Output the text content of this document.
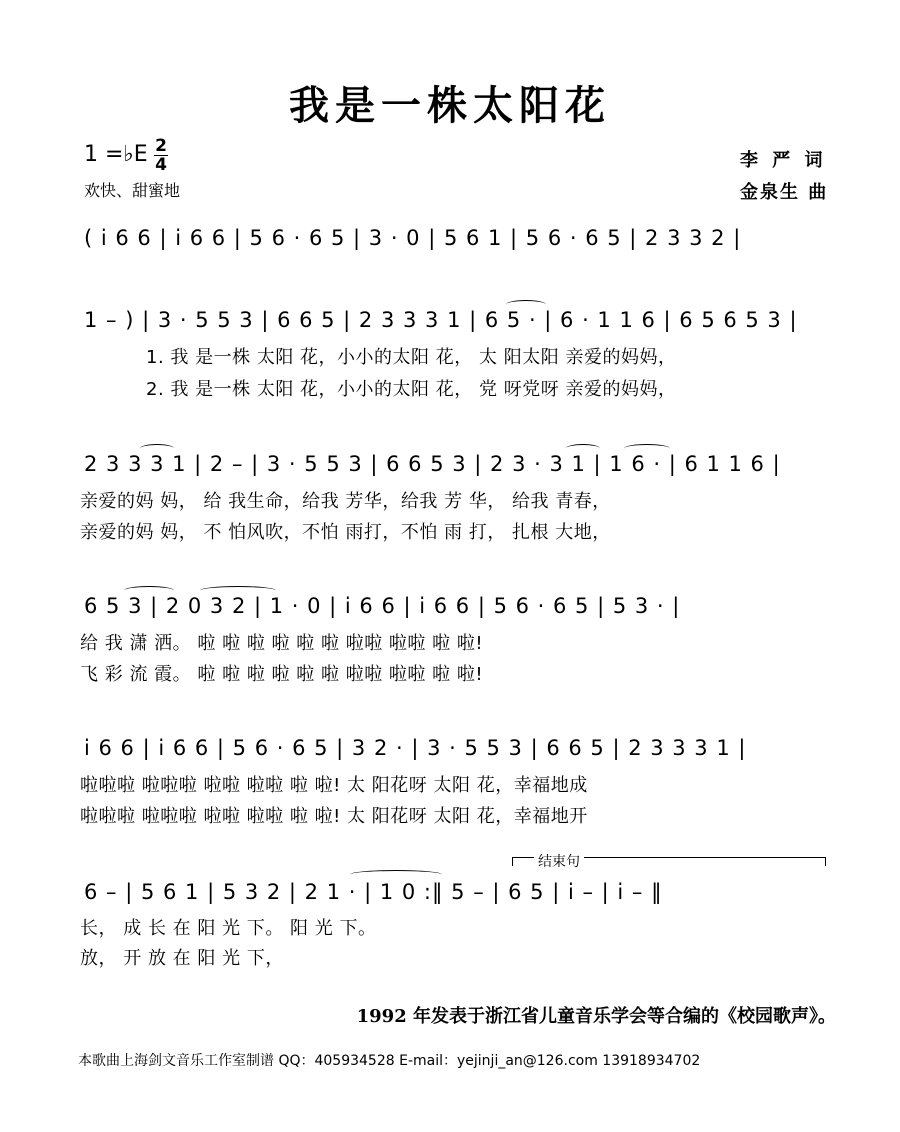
我是一株太阳花
1 =♭E 2
4
欢快、甜蜜地
李 严 词
金泉生 曲
( i 6 6 | i 6 6 | 5 6 · 6 5 | 3 · 0 | 5 6 1 | 5 6 · 6 5 | 2 3 3 2 |
1 – ) | 3 · 5 5 3 | 6 6 5 | 2 3 3 3 1 | 6 5 · | 6 · 1 1 6 | 6 5 6 5 3 |
1. 我 是一株 太阳 花，小小的太阳 花， 太 阳太阳 亲爱的妈妈，
2. 我 是一株 太阳 花，小小的太阳 花， 党 呀党呀 亲爱的妈妈，
2 3 3 3 1 | 2 – | 3 · 5 5 3 | 6 6 5 3 | 2 3 · 3 1 | 1 6 · | 6 1 1 6 |
亲爱的妈 妈， 给 我生命，给我 芳华，给我 芳 华， 给我 青春，
亲爱的妈 妈， 不 怕风吹，不怕 雨打，不怕 雨 打， 扎根 大地，
6 5 3 | 2 0 3 2 | 1 · 0 | i 6 6 | i 6 6 | 5 6 · 6 5 | 5 3 · |
给 我 潇 洒。 啦 啦 啦 啦 啦 啦 啦啦 啦啦 啦 啦!
飞 彩 流 霞。 啦 啦 啦 啦 啦 啦 啦啦 啦啦 啦 啦!
i 6 6 | i 6 6 | 5 6 · 6 5 | 3 2 · | 3 · 5 5 3 | 6 6 5 | 2 3 3 3 1 |
啦啦啦 啦啦啦 啦啦 啦啦 啦 啦! 太 阳花呀 太阳 花，幸福地成
啦啦啦 啦啦啦 啦啦 啦啦 啦 啦! 太 阳花呀 太阳 花，幸福地开
结束句
6 – | 5 6 1 | 5 3 2 | 2 1 · | 1 0 :‖ 5 – | 6 5 | i – | i – ‖
长， 成 长 在 阳 光 下。 阳 光 下。
放， 开 放 在 阳 光 下，
1992 年发表于浙江省儿童音乐学会等合编的《校园歌声》。
本歌曲上海剑文音乐工作室制谱 QQ：405934528 E-mail：yejinji_an@126.com 13918934702
